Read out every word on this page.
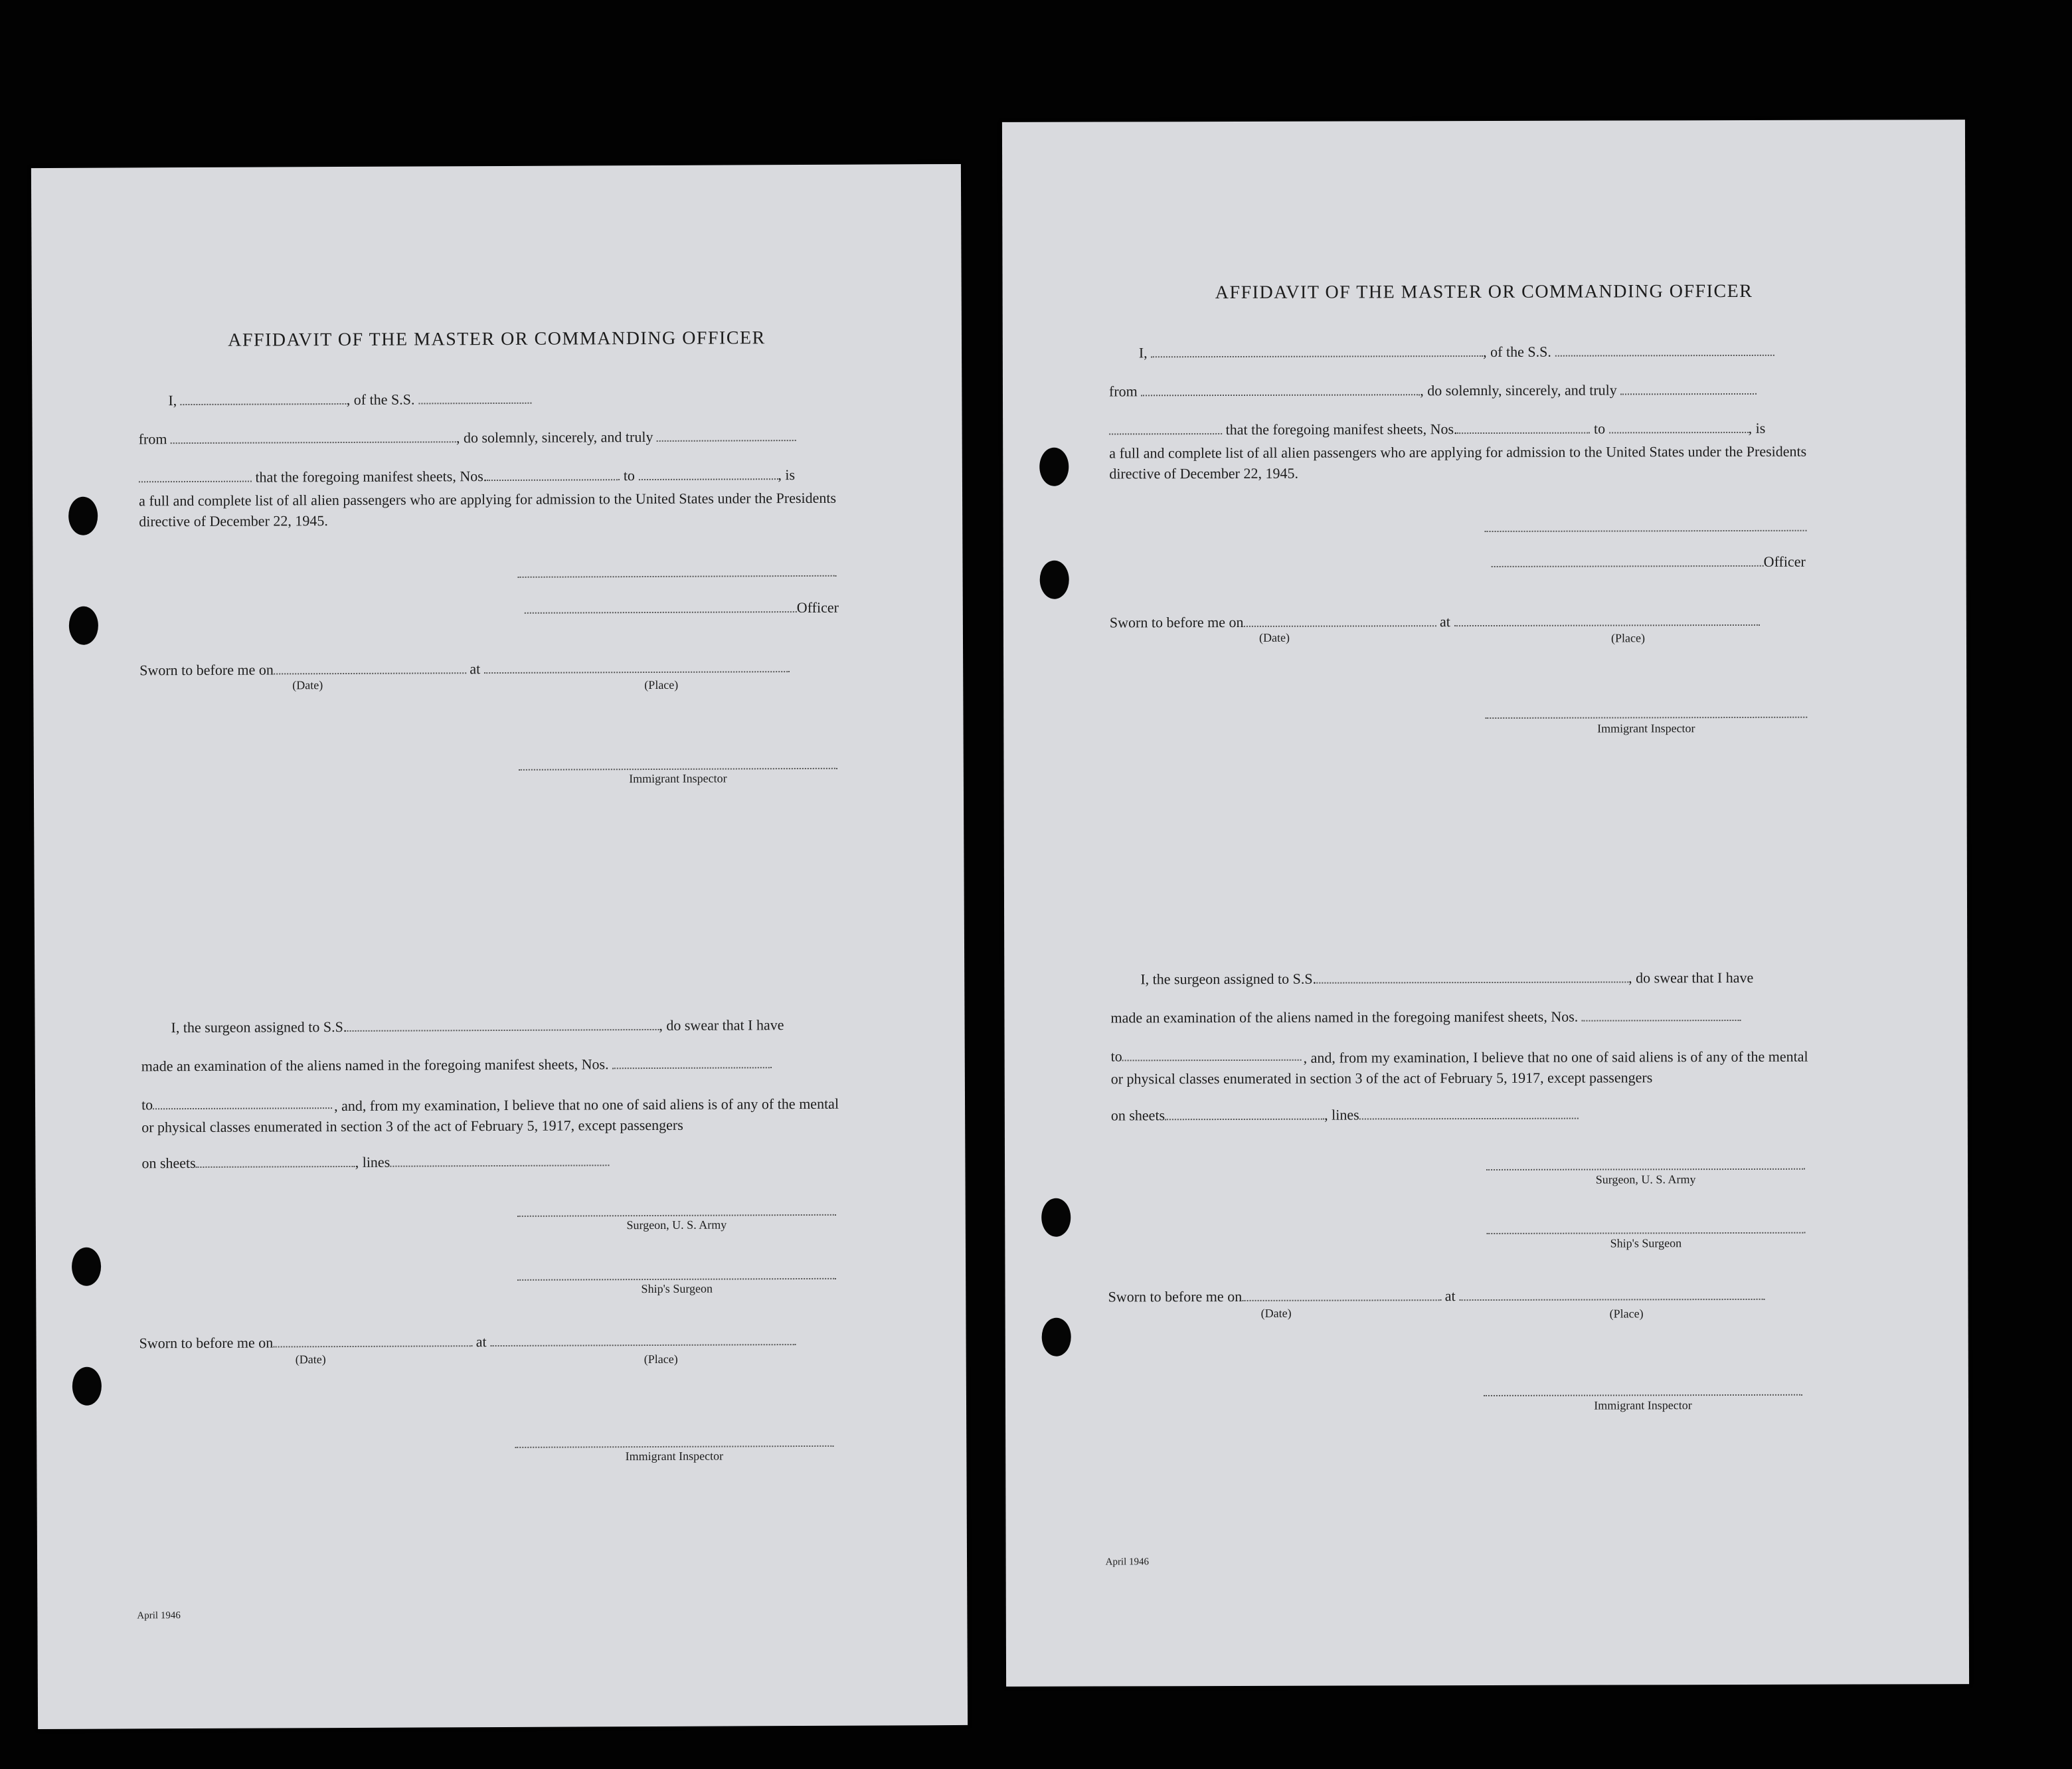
AFFIDAVIT OF THE MASTER OR COMMANDING OFFICER
I,	, of the S.S.
from	, do solemnly, sincerely, and truly
that the foregoing manifest sheets, Nos.	to	, is
a full and complete list of all alien passengers who are applying for admission to the United States under the Presidents directive of December 22, 1945.
Officer
Sworn to before me on	at
(Date)	(Place)
Immigrant Inspector
I, the surgeon assigned to S.S.	, do swear that I have
made an examination of the aliens named in the foregoing manifest sheets, Nos.
to	, and, from my examination, I believe that no one of said aliens is of any of the mental or physical classes enumerated in section 3 of the act of February 5, 1917, except passengers
on sheets	, lines
Surgeon, U. S. Army
Ship's Surgeon
Sworn to before me on	at
(Date)	(Place)
Immigrant Inspector
April 1946
AFFIDAVIT OF THE MASTER OR COMMANDING OFFICER
I,	, of the S.S.
from	, do solemnly, sincerely, and truly
that the foregoing manifest sheets, Nos.	to	, is
a full and complete list of all alien passengers who are applying for admission to the United States under the Presidents directive of December 22, 1945.
Officer
Sworn to before me on	at
(Date)	(Place)
Immigrant Inspector
I, the surgeon assigned to S.S.	, do swear that I have
made an examination of the aliens named in the foregoing manifest sheets, Nos.
to	, and, from my examination, I believe that no one of said aliens is of any of the mental or physical classes enumerated in section 3 of the act of February 5, 1917, except passengers
on sheets	, lines
Surgeon, U. S. Army
Ship's Surgeon
Sworn to before me on	at
(Date)	(Place)
Immigrant Inspector
April 1946
